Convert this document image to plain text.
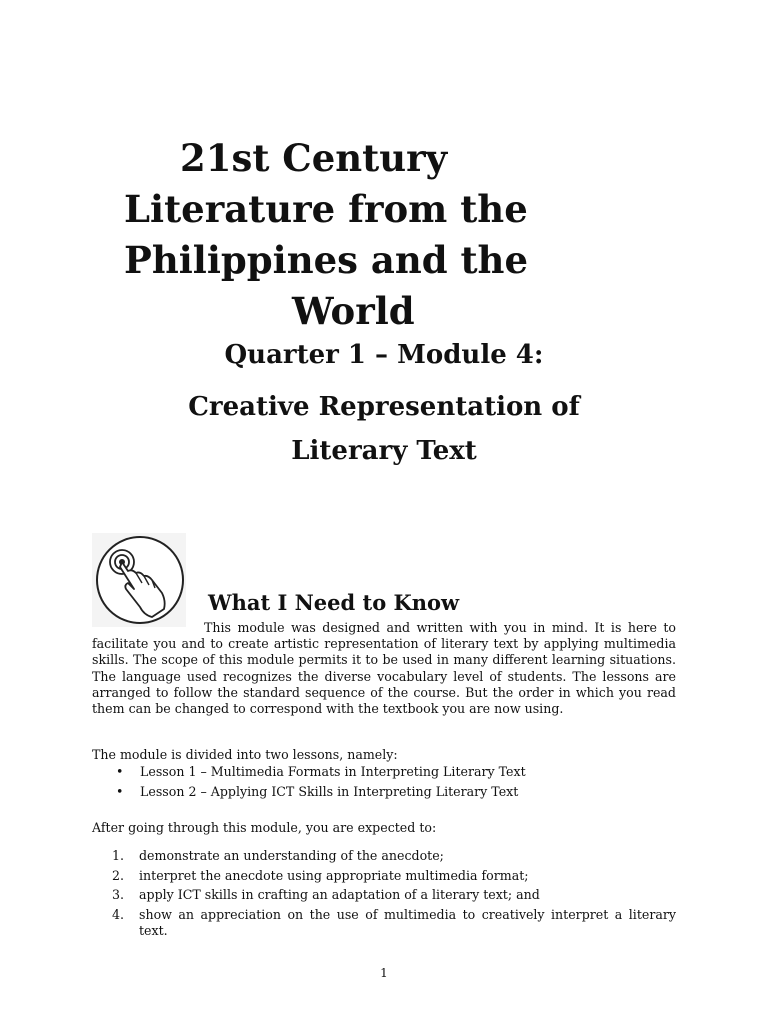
21st Century
Literature from the
Philippines and the
World
Quarter 1 – Module 4:
Creative Representation of
Literary Text
What I Need to Know

This module was designed and written with you in mind. It is here to facilitate you and to create artistic representation of literary text by applying multimedia skills. The scope of this module permits it to be used in many different learning situations. The language used recognizes the diverse vocabulary level of students. The lessons are arranged to follow the standard sequence of the course. But the order in which you read them can be changed to correspond with the textbook you are now using.

The module is divided into two lessons, namely:
• Lesson 1 – Multimedia Formats in Interpreting Literary Text
• Lesson 2 – Applying ICT Skills in Interpreting Literary Text
After going through this module, you are expected to:
1. demonstrate an understanding of the anecdote;
2. interpret the anecdote using appropriate multimedia format;
3. apply ICT skills in crafting an adaptation of a literary text; and
4. show an appreciation on the use of multimedia to creatively interpret a literary text.
1
